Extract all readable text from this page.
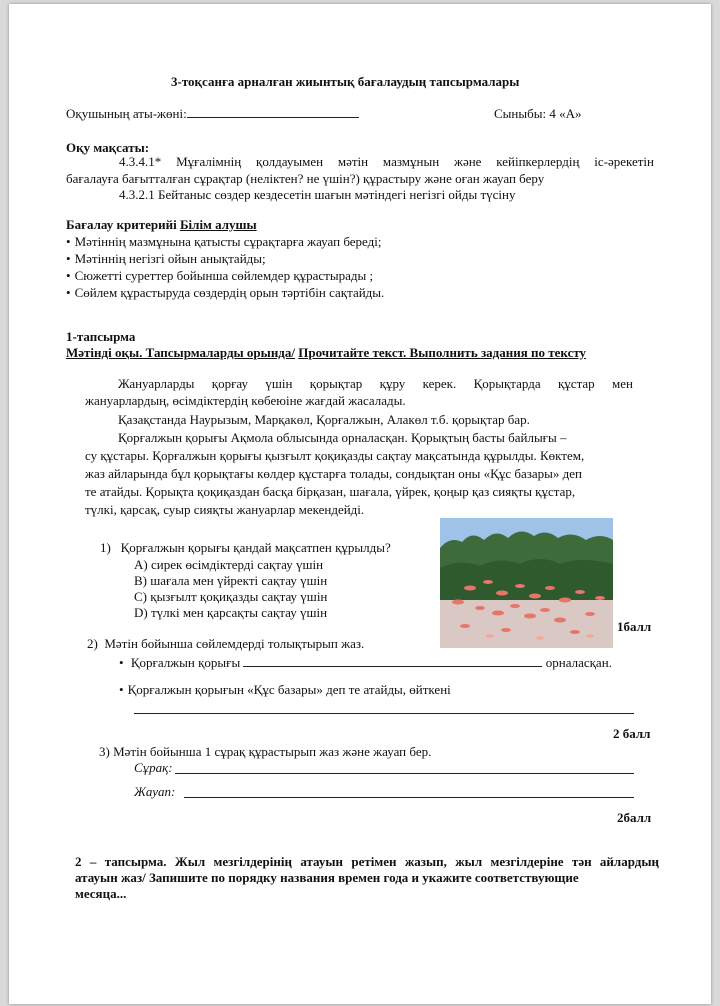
3-тоқсанға арналған жиынтық бағалаудың тапсырмалары
Оқушының аты-жөні:	Сыныбы: 4 «А»
Оқу мақсаты:
4.3.4.1* Мұғалімнің қолдауымен мәтін мазмұнын және кейіпкерлердің іс-әрекетін
бағалауға бағытталған сұрақтар (неліктен? не үшін?) құрастыру және оған жауап беру
4.3.2.1 Бейтаныс сөздер кездесетін шағын мәтіндегі негізгі ойды түсіну
Бағалау критерийі Білім алушы
• Мәтіннің мазмұнына қатысты сұрақтарға жауап береді;
• Мәтіннің негізгі ойын анықтайды;
• Сюжетті суреттер бойынша сөйлемдер құрастырады ;
• Сөйлем құрастыруда сөздердің орын тәртібін сақтайды.
1-тапсырма
Мәтінді оқы. Тапсырмаларды орында/ Прочитайте текст. Выполнить задания по тексту
Жануарларды қорғау үшін қорықтар құру керек. Қорықтарда құстар мен
жануарлардың, өсімдіктердің көбеюіне жағдай жасалады.
Қазақстанда Наурызым, Марқакөл, Қорғалжын, Алакөл т.б. қорықтар бар.
Қорғалжын қорығы Ақмола облысында орналасқан. Қорықтың басты байлығы –
су құстары. Қорғалжын қорығы қызғылт қоқиқазды сақтау мақсатында құрылды. Көктем,
жаз айларында бұл қорықтағы көлдер құстарға толады, сондықтан оны «Құс базары» деп
те атайды. Қорықта қоқиқаздан басқа бірқазан, шағала, үйрек, қоңыр қаз сияқты құстар,
түлкі, қарсақ, суыр сияқты жануарлар мекендейді.
1) Қорғалжын қорығы қандай мақсатпен құрылды?
A) сирек өсімдіктерді сақтау үшін
B) шағала мен үйректі сақтау үшін
C) қызғылт қоқиқазды сақтау үшін
D) түлкі мен қарсақты сақтау үшін
1балл
2) Мәтін бойынша сөйлемдерді толықтырып жаз.
• Қорғалжын қорығы	орналасқан.
• Қорғалжын қорығын «Құс базары» деп те атайды, өйткені
2 балл
3) Мәтін бойынша 1 сұрақ құрастырып жаз және жауап бер.
Сұрақ:
Жауап:
2балл
2 – тапсырма. Жыл мезгілдерінің атауын ретімен жазып, жыл мезгілдеріне тән айлардың
атауын жаз/ Запишите по порядку названия времен года и укажите соответствующие
месяца...
